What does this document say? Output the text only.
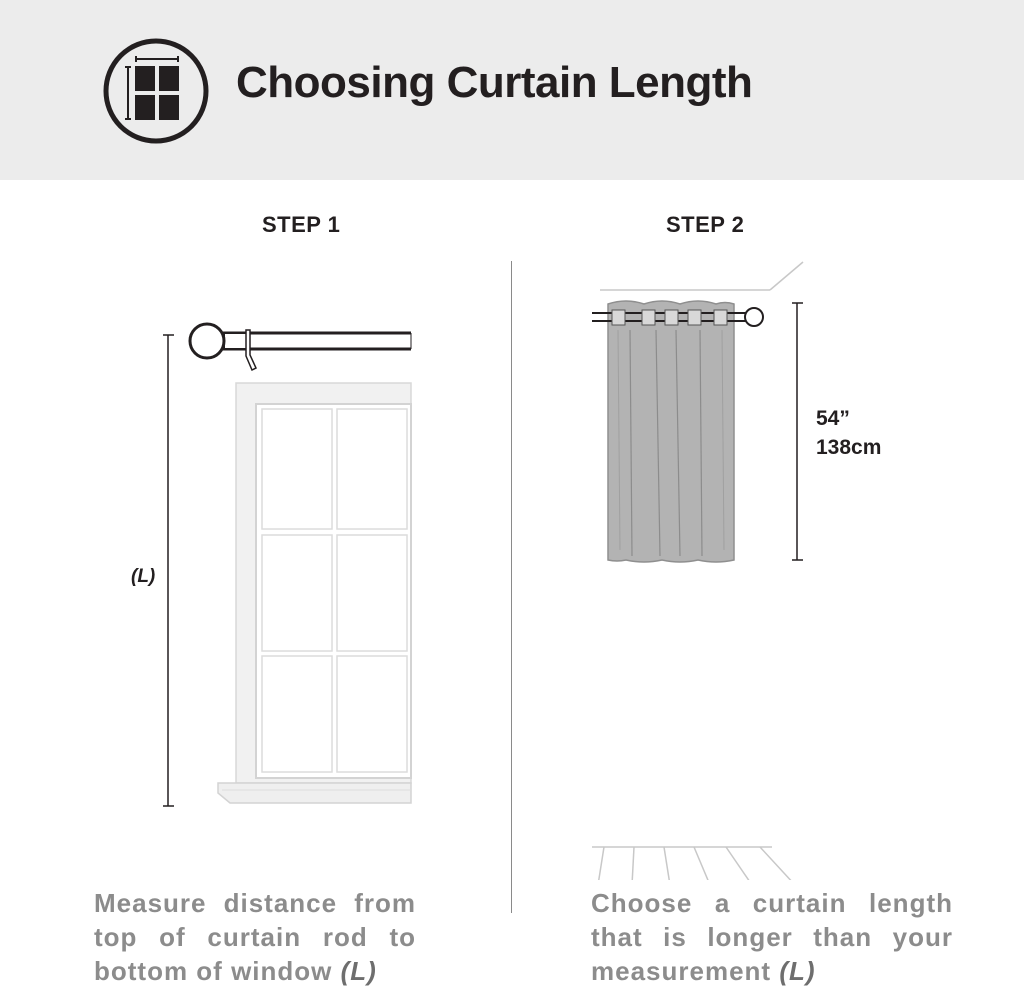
Choosing Curtain Length
STEP 1	STEP 2
(L)
54”
138cm
Measure distance from
top of curtain rod to
bottom of window (L)
Choose a curtain length
that is longer than your
measurement (L)
